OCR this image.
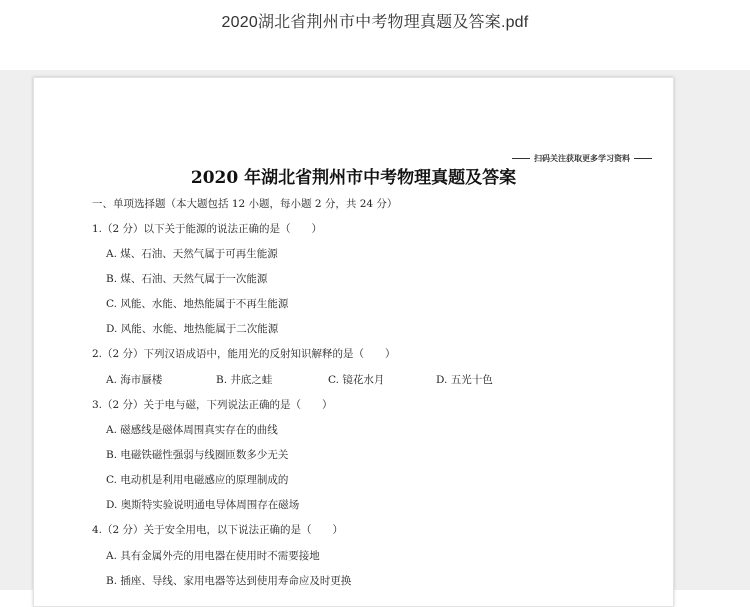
2020湖北省荆州市中考物理真题及答案.pdf
扫码关注获取更多学习资料
2020 年湖北省荆州市中考物理真题及答案
一、单项选择题（本大题包括 12 小题，每小题 2 分，共 24 分）
1.（2 分）以下关于能源的说法正确的是（　　）
A. 煤、石油、天然气属于可再生能源
B. 煤、石油、天然气属于一次能源
C. 风能、水能、地热能属于不再生能源
D. 风能、水能、地热能属于二次能源
2.（2 分）下列汉语成语中，能用光的反射知识解释的是（　　）
A. 海市蜃楼	B. 井底之蛙	C. 镜花水月	D. 五光十色
3.（2 分）关于电与磁，下列说法正确的是（　　）
A. 磁感线是磁体周围真实存在的曲线
B. 电磁铁磁性强弱与线圈匝数多少无关
C. 电动机是利用电磁感应的原理制成的
D. 奥斯特实验说明通电导体周围存在磁场
4.（2 分）关于安全用电，以下说法正确的是（　　）
A. 具有金属外壳的用电器在使用时不需要接地
B. 插座、导线、家用电器等达到使用寿命应及时更换
